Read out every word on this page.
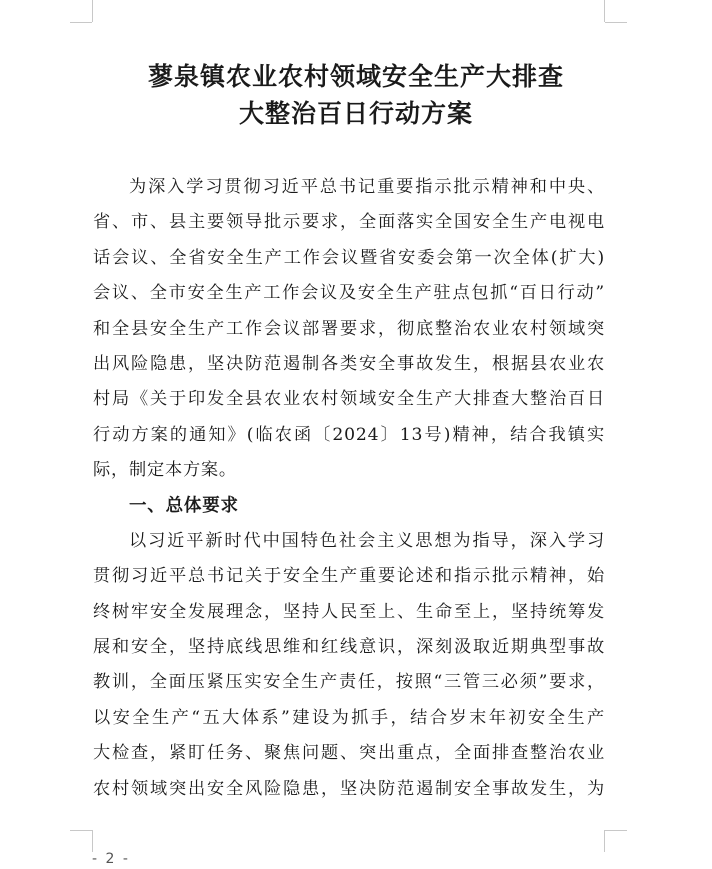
蓼泉镇农业农村领域安全生产大排查
大整治百日行动方案
为深入学习贯彻习近平总书记重要指示批示精神和中央、
省、市、县主要领导批示要求，全面落实全国安全生产电视电
话会议、全省安全生产工作会议暨省安委会第一次全体(扩大)
会议、全市安全生产工作会议及安全生产驻点包抓“百日行动”
和全县安全生产工作会议部署要求，彻底整治农业农村领域突
出风险隐患，坚决防范遏制各类安全事故发生，根据县农业农
村局《关于印发全县农业农村领域安全生产大排查大整治百日
行动方案的通知》(临农函〔2024〕13号)精神，结合我镇实
际，制定本方案。
一、总体要求
以习近平新时代中国特色社会主义思想为指导，深入学习
贯彻习近平总书记关于安全生产重要论述和指示批示精神，始
终树牢安全发展理念，坚持人民至上、生命至上，坚持统筹发
展和安全，坚持底线思维和红线意识，深刻汲取近期典型事故
教训，全面压紧压实安全生产责任，按照“三管三必须”要求，
以安全生产“五大体系”建设为抓手，结合岁末年初安全生产
大检查，紧盯任务、聚焦问题、突出重点，全面排查整治农业
农村领域突出安全风险隐患，坚决防范遏制安全事故发生，为
- 2 -
